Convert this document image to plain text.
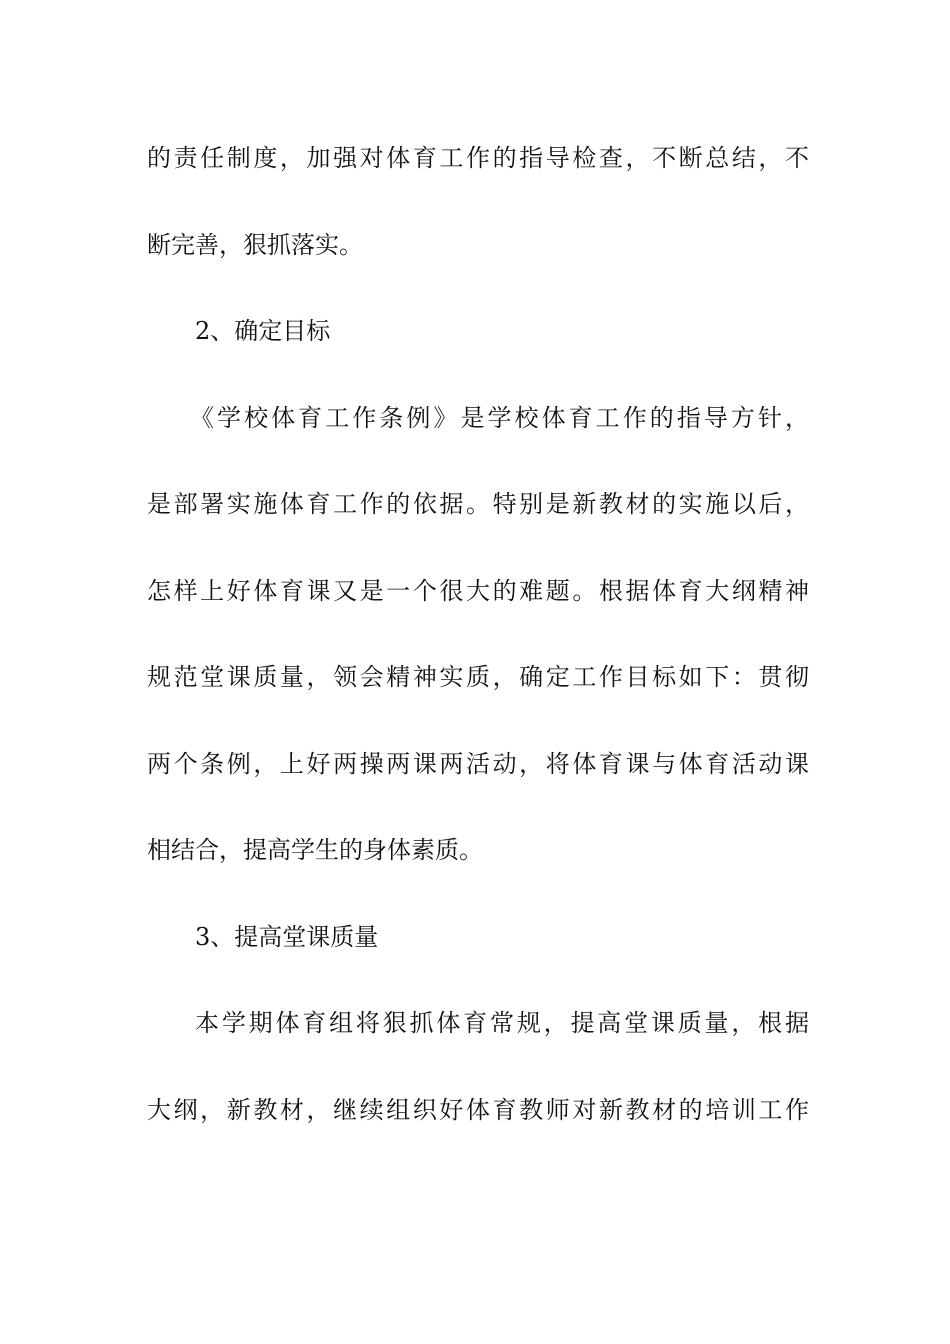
的责任制度，加强对体育工作的指导检查，不断总结，不
断完善，狠抓落实。
2、确定目标
《学校体育工作条例》是学校体育工作的指导方针，
是部署实施体育工作的依据。特别是新教材的实施以后，
怎样上好体育课又是一个很大的难题。根据体育大纲精神
规范堂课质量，领会精神实质，确定工作目标如下：贯彻
两个条例，上好两操两课两活动，将体育课与体育活动课
相结合，提高学生的身体素质。
3、提高堂课质量
本学期体育组将狠抓体育常规，提高堂课质量，根据
大纲，新教材，继续组织好体育教师对新教材的培训工作
